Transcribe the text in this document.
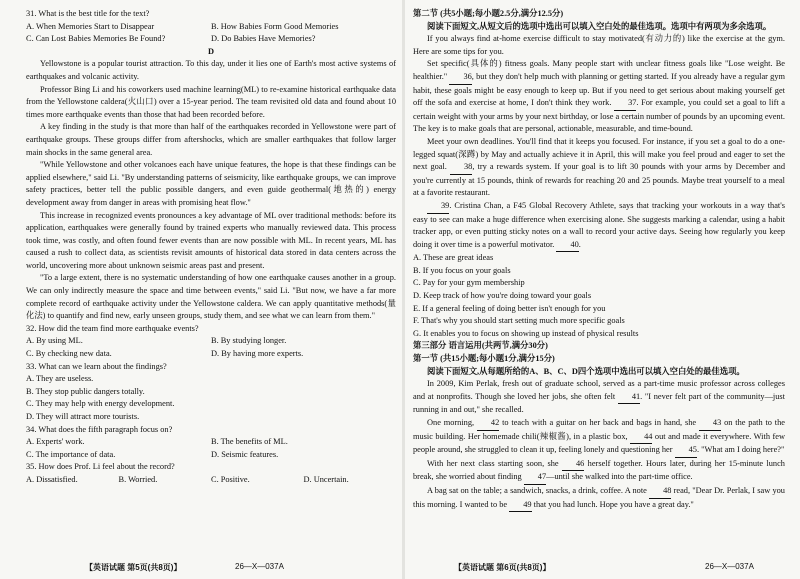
31. What is the best title for the text?

A. When Memories Start to Disappear	B. How Babies Form Good Memories
C. Can Lost Babies Memories Be Found?	D. Do Babies Have Memories?

D

Yellowstone is a popular tourist attraction. To this day, under it lies one of Earth's most active systems of earthquakes and volcanic activity.

Professor Bing Li and his coworkers used machine learning(ML) to re-examine historical earthquake data from the Yellowstone caldera(火山口) over a 15-year period. The team revisited old data and found about 10 times more earthquake events than those that had been recorded before.

A key finding in the study is that more than half of the earthquakes recorded in Yellowstone were part of earthquake groups. These groups differ from aftershocks, which are smaller earthquakes that follow larger main shocks in the same general area.

"While Yellowstone and other volcanoes each have unique features, the hope is that these findings can be applied elsewhere," said Li. "By understanding patterns of seismicity, like earthquake groups, we can improve safety practices, better tell the public possible dangers, and even guide geothermal(地热的) energy development away from danger in areas with promising heat flow."

This increase in recognized events pronounces a key advantage of ML over traditional methods: before its application, earthquakes were generally found by trained experts who manually reviewed data. This process took time, was costly, and often found fewer events than are now possible with ML. In recent years, ML has caused a rush to collect data, as scientists revisit amounts of historical data stored in data centers across the world, uncovering more about unknown seismic areas past and present.

"To a large extent, there is no systematic understanding of how one earthquake causes another in a group. We can only indirectly measure the space and time between events," said Li. "But now, we have a far more complete record of earthquake activity under the Yellowstone caldera. We can apply quantitative methods(量化法) to quantify and find new, early unseen groups, study them, and see what we can learn from them."

32. How did the team find more earthquake events?

A. By using ML.	B. By studying longer.
C. By checking new data.	D. By having more experts.

33. What can we learn about the findings?

A. They are useless.
B. They stop public dangers totally.
C. They may help with energy development.
D. They will attract more tourists.

34. What does the fifth paragraph focus on?

A. Experts' work.	B. The benefits of ML.
C. The importance of data.	D. Seismic features.

35. How does Prof. Li feel about the record?

A. Dissatisfied.	B. Worried.	C. Positive.	D. Uncertain.

第二节 (共5小题;每小题2.5分,满分12.5分)

阅读下面短文,从短文后的选项中选出可以填入空白处的最佳选项。选项中有两项为多余选项。

If you always find at-home exercise difficult to stay motivated(有动力的) like the exercise at the gym. Here are some tips for you.

Set specific(具体的) fitness goals. Many people start with unclear fitness goals like "Lose weight. Be healthier." 36, but they don't help much with planning or getting started. If you already have a regular gym habit, these goals might be easy enough to keep up. But if you need to get serious about making yourself get off the sofa and exercise at home, I don't think they work. 37. For example, you could set a goal to lift a certain weight with your arms by your next birthday, or lose a certain number of pounds by an upcoming event. The key is to make goals that are personal, actionable, measurable, and time-bound.

Meet your own deadlines. You'll find that it keeps you focused. For instance, if you set a goal to do a one-legged squat(深蹲) by May and actually achieve it in April, this will make you feel proud and eager to set the next goal. 38, try a rewards system. If your goal is to lift 30 pounds with your arms by December and you're currently at 15 pounds, think of rewards for reaching 20 and 25 pounds. Maybe treat yourself to a meal at a favorite restaurant.

39. Cristina Chan, a F45 Global Recovery Athlete, says that tracking your workouts in a way that's easy to see can make a huge difference when exercising alone. She suggests marking a calendar, using a habit tracker app, or even putting sticky notes on a wall to record your active days. Seeing how regularly you keep doing it over time is a powerful motivator. 40.

A. These are great ideas
B. If you focus on your goals
C. Pay for your gym membership
D. Keep track of how you're doing toward your goals
E. If a general feeling of doing better isn't enough for you
F. That's why you should start setting much more specific goals
G. It enables you to focus on showing up instead of physical results

第三部分 语言运用(共两节,满分30分)

第一节 (共15小题;每小题1分,满分15分)

阅读下面短文,从每题所给的A、B、C、D四个选项中选出可以填入空白处的最佳选项。

In 2009, Kim Perlak, fresh out of graduate school, served as a part-time music professor across colleges and at nonprofits. Though she loved her jobs, she often felt 41. "I never felt part of the community—just running in and out," she recalled.

One morning, 42 to teach with a guitar on her back and bags in hand, she 43 on the path to the music building. Her homemade chili(辣椒酱), in a plastic box, 44 out and made it everywhere. With few people around, she struggled to clean it up, feeling lonely and questioning her 45. "What am I doing here?"

With her next class starting soon, she 46 herself together. Hours later, during her 15-minute lunch break, she worried about finding 47—until she walked into the part-time office.

A bag sat on the table; a sandwich, snacks, a drink, coffee. A note 48 read, "Dear Dr. Perlak, I saw you this morning. I wanted to be 49 that you had lunch. Hope you have a great day."

【英语试题 第5页(共8页)】	26—X—037A	【英语试题 第6页(共8页)】	26—X—037A
